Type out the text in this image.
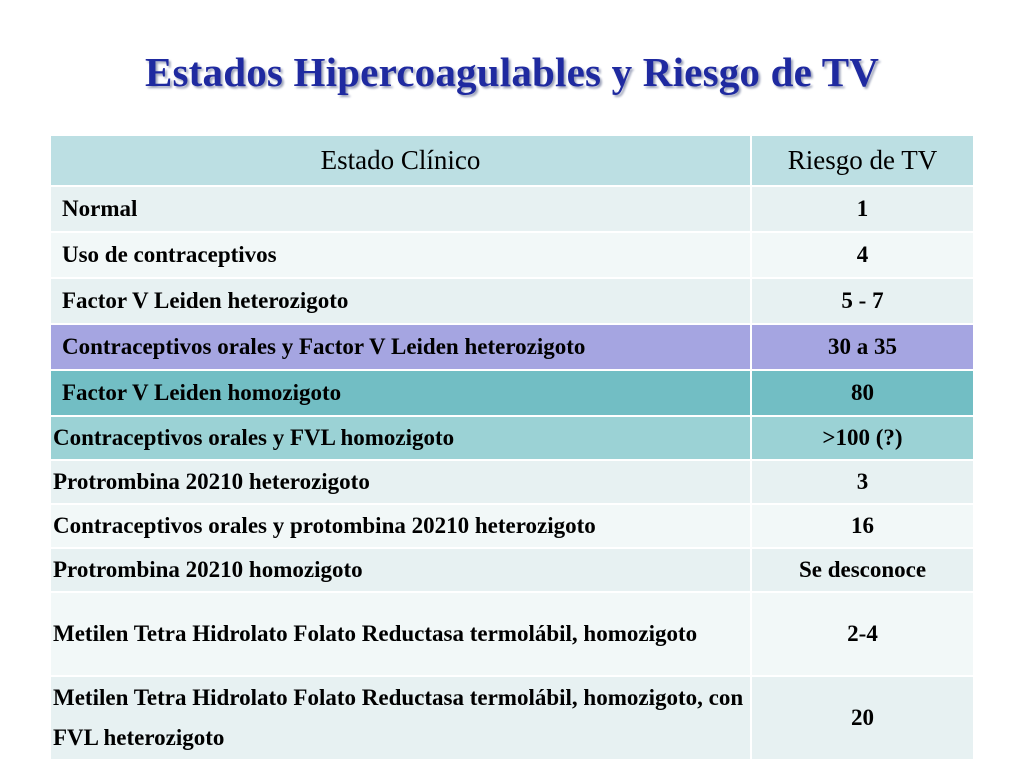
Estados Hipercoagulables y Riesgo de TV
Estado Clínico	Riesgo de TV
Normal	1
Uso de contraceptivos	4
Factor V Leiden heterozigoto	5 - 7
Contraceptivos orales y Factor V Leiden heterozigoto	30 a 35
Factor V Leiden homozigoto	80
Contraceptivos orales y FVL homozigoto	>100 (?)
Protrombina 20210 heterozigoto	3
Contraceptivos orales y protombina 20210 heterozigoto	16
Protrombina 20210 homozigoto	Se desconoce
Metilen Tetra Hidrolato Folato Reductasa termolábil, homozigoto	2-4
Metilen Tetra Hidrolato Folato Reductasa termolábil, homozigoto, con FVL heterozigoto	20
